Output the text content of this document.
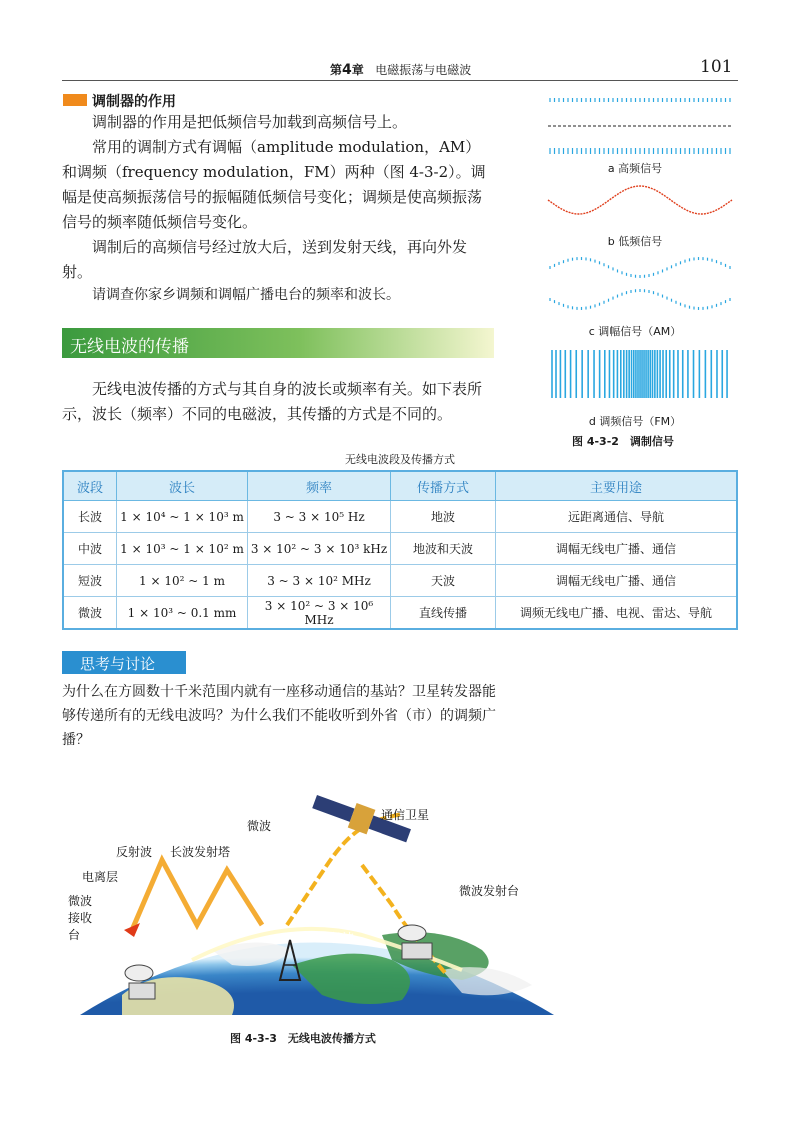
第4章 电磁振荡与电磁波	101
调制器的作用

调制器的作用是把低频信号加载到高频信号上。

常用的调制方式有调幅（amplitude modulation，AM）和调频（frequency modulation，FM）两种（图 4-3-2）。调幅是使高频振荡信号的振幅随低频信号变化；调频是使高频振荡信号的频率随低频信号变化。

调制后的高频信号经过放大后，送到发射天线，再向外发射。

请调查你家乡调频和调幅广播电台的频率和波长。

无线电波的传播

无线电波传播的方式与其自身的波长或频率有关。如下表所示，波长（频率）不同的电磁波，其传播的方式是不同的。

a 高频信号
b 低频信号
c 调幅信号（AM）
d 调频信号（FM）
图 4-3-2　调制信号
无线电波段及传播方式
波段	波长	频率	传播方式	主要用途
长波	1 × 10⁴ ~ 1 × 10³ m	3 ~ 3 × 10⁵ Hz	地波	远距离通信、导航
中波	1 × 10³ ~ 1 × 10² m	3 × 10² ~ 3 × 10³ kHz	地波和天波	调幅无线电广播、通信
短波	1 × 10² ~ 1 m	3 ~ 3 × 10² MHz	天波	调幅无线电广播、通信
微波	1 × 10³ ~ 0.1 mm	3 × 10² ~ 3 × 10⁶ MHz	直线传播	调频无线电广播、电视、雷达、导航
思考与讨论

为什么在方圆数十千米范围内就有一座移动通信的基站？卫星转发器能够传递所有的无线电波吗？为什么我们不能收听到外省（市）的调频广播？

通信卫星
微波
反射波 长波发射塔
电离层
微波接收台
微波发射台
长波
图 4-3-3　无线电波传播方式
